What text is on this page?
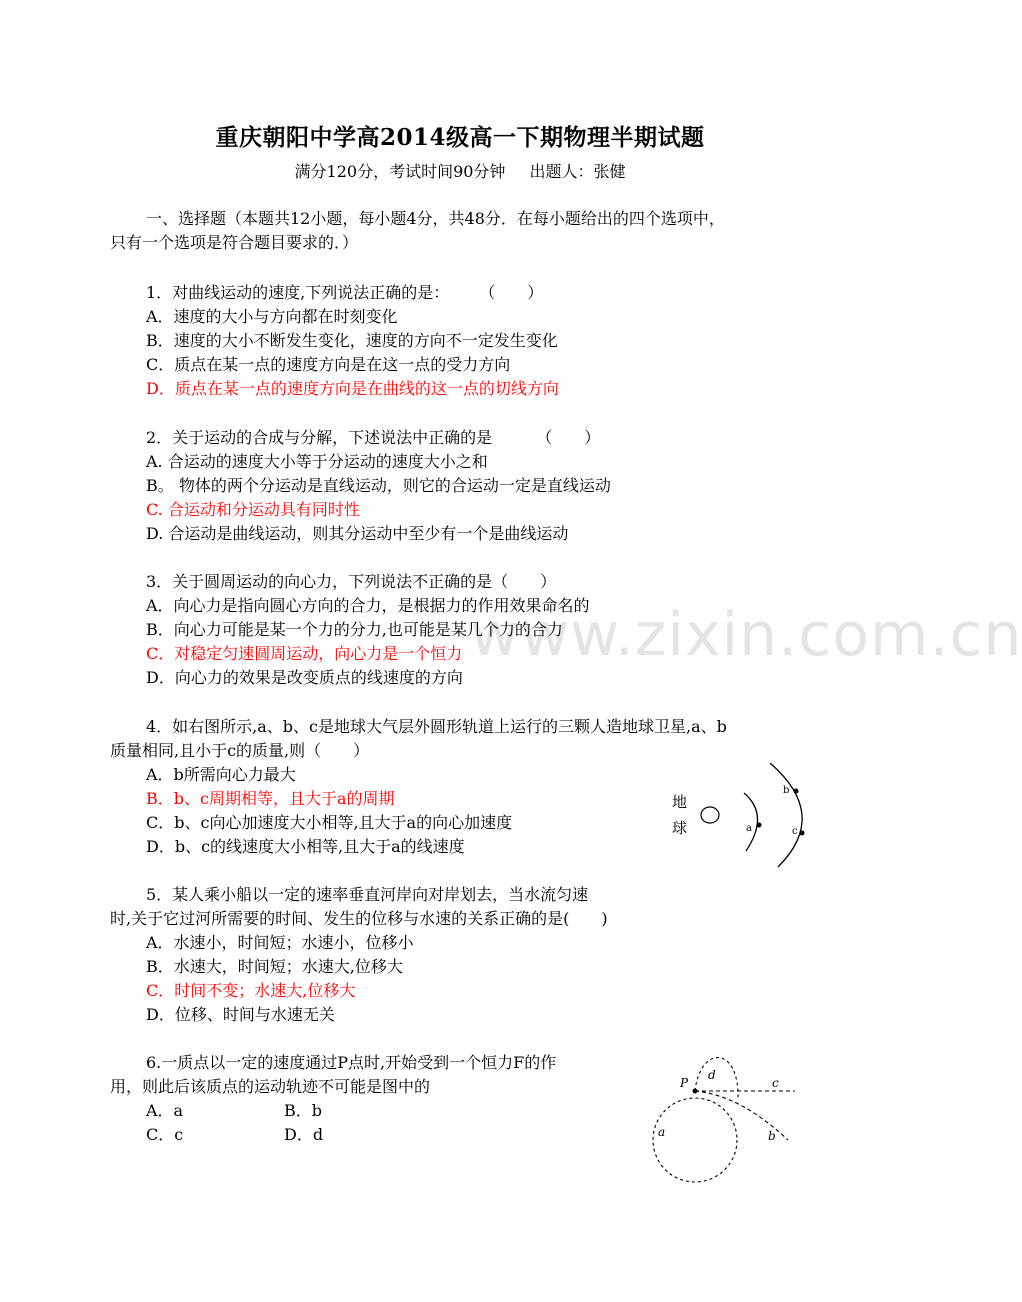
www.zixin.com.cn
重庆朝阳中学高2014级高一下期物理半期试题
满分120分，考试时间90分钟 出题人：张健
一、选择题（本题共12小题，每小题4分，共48分．在每小题给出的四个选项中，
只有一个选项是符合题目要求的．）
1．对曲线运动的速度,下列说法正确的是： （　　）
A．速度的大小与方向都在时刻变化
B．速度的大小不断发生变化，速度的方向不一定发生变化
C．质点在某一点的速度方向是在这一点的受力方向
D．质点在某一点的速度方向是在曲线的这一点的切线方向
2．关于运动的合成与分解，下述说法中正确的是	（　　）
A. 合运动的速度大小等于分运动的速度大小之和
B。 物体的两个分运动是直线运动，则它的合运动一定是直线运动
C. 合运动和分运动具有同时性
D. 合运动是曲线运动，则其分运动中至少有一个是曲线运动
3．关于圆周运动的向心力，下列说法不正确的是（　　）
A．向心力是指向圆心方向的合力，是根据力的作用效果命名的
B．向心力可能是某一个力的分力,也可能是某几个力的合力
C．对稳定匀速圆周运动，向心力是一个恒力
D．向心力的效果是改变质点的线速度的方向
4．如右图所示,a、b、c是地球大气层外圆形轨道上运行的三颗人造地球卫星,a、b
质量相同,且小于c的质量,则（　　）
A．b所需向心力最大
B．b、c周期相等，且大于a的周期
C．b、c向心加速度大小相等,且大于a的向心加速度
D．b、c的线速度大小相等,且大于a的线速度
地
球	a
b
c
5．某人乘小船以一定的速率垂直河岸向对岸划去，当水流匀速
时,关于它过河所需要的时间、发生的位移与水速的关系正确的是(　　)
A．水速小，时间短；水速小，位移小
B．水速大，时间短；水速大,位移大
C．时间不变；水速大,位移大
D．位移、时间与水速无关
6.一质点以一定的速度通过P点时,开始受到一个恒力F的作
用，则此后该质点的运动轨迹不可能是图中的
A．a	B．b
C．c	D．d
P
d
c
b
a
